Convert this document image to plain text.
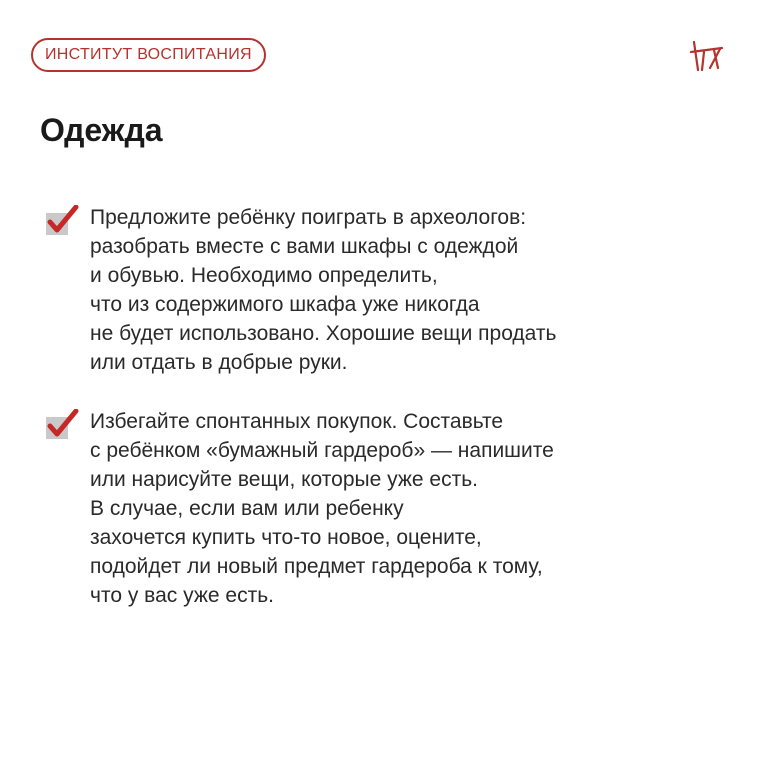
ИНСТИТУТ ВОСПИТАНИЯ
Одежда
Предложите ребёнку поиграть в археологов:
разобрать вместе с вами шкафы с одеждой
и обувью. Необходимо определить,
что из содержимого шкафа уже никогда
не будет использовано. Хорошие вещи продать
или отдать в добрые руки.
Избегайте спонтанных покупок. Составьте
с ребёнком «бумажный гардероб» — напишите
или нарисуйте вещи, которые уже есть.
В случае, если вам или ребенку
захочется купить что-то новое, оцените,
подойдет ли новый предмет гардероба к тому,
что у вас уже есть.
